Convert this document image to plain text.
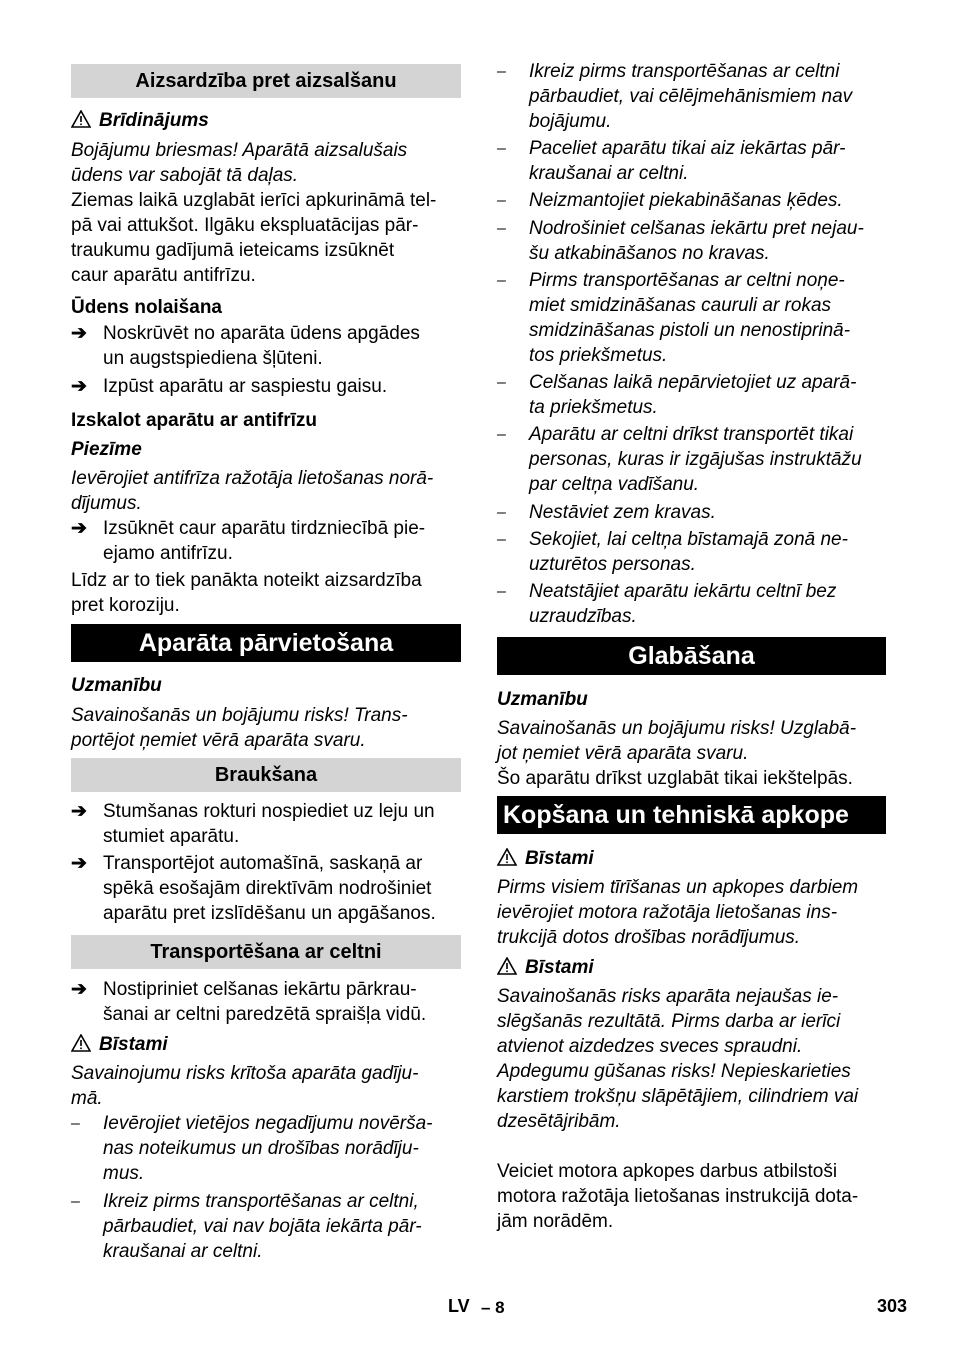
Aizsardzība pret aizsalšanu
Brīdinājums
Bojājumu briesmas! Aparātā aizsalušais
ūdens var sabojāt tā daļas.
Ziemas laikā uzglabāt ierīci apkurināmā tel-
pā vai attukšot. Ilgāku ekspluatācijas pār-
traukumu gadījumā ieteicams izsūknēt
caur aparātu antifrīzu.
Ūdens nolaišana
➔ Noskrūvēt no aparāta ūdens apgādes
un augstspiediena šļūteni.
➔ Izpūst aparātu ar saspiestu gaisu.
Izskalot aparātu ar antifrīzu
Piezīme
Ievērojiet antifrīza ražotāja lietošanas norā-
dījumus.
➔ Izsūknēt caur aparātu tirdzniecībā pie-
ejamo antifrīzu.
Līdz ar to tiek panākta noteikt aizsardzība
pret koroziju.
Aparāta pārvietošana
Uzmanību
Savainošanās un bojājumu risks! Trans-
portējot ņemiet vērā aparāta svaru.
Braukšana
➔ Stumšanas rokturi nospiediet uz leju un
stumiet aparātu.
➔ Transportējot automašīnā, saskaņā ar
spēkā esošajām direktīvām nodrošiniet
aparātu pret izslīdēšanu un apgāšanos.
Transportēšana ar celtni
➔ Nostipriniet celšanas iekārtu pārkrau-
šanai ar celtni paredzētā spraišļa vidū.
Bīstami
Savainojumu risks krītoša aparāta gadīju-
mā.
– Ievērojiet vietējos negadījumu novērša-
nas noteikumus un drošības norādīju-
mus.
– Ikreiz pirms transportēšanas ar celtni,
pārbaudiet, vai nav bojāta iekārta pār-
kraušanai ar celtni.
– Ikreiz pirms transportēšanas ar celtni
pārbaudiet, vai cēlējmehānismiem nav
bojājumu.
– Paceliet aparātu tikai aiz iekārtas pār-
kraušanai ar celtni.
– Neizmantojiet piekabināšanas ķēdes.
– Nodrošiniet celšanas iekārtu pret nejau-
šu atkabināšanos no kravas.
– Pirms transportēšanas ar celtni noņe-
miet smidzināšanas cauruli ar rokas
smidzināšanas pistoli un nenostiprinā-
tos priekšmetus.
– Celšanas laikā nepārvietojiet uz aparā-
ta priekšmetus.
– Aparātu ar celtni drīkst transportēt tikai
personas, kuras ir izgājušas instruktāžu
par celtņa vadīšanu.
– Nestāviet zem kravas.
– Sekojiet, lai celtņa bīstamajā zonā ne-
uzturētos personas.
– Neatstājiet aparātu iekārtu celtnī bez
uzraudzības.
Glabāšana
Uzmanību
Savainošanās un bojājumu risks! Uzglabā-
jot ņemiet vērā aparāta svaru.
Šo aparātu drīkst uzglabāt tikai iekštelpās.
Kopšana un tehniskā apkope
Bīstami
Pirms visiem tīrīšanas un apkopes darbiem
ievērojiet motora ražotāja lietošanas ins-
trukcijā dotos drošības norādījumus.
Bīstami
Savainošanās risks aparāta nejaušas ie-
slēgšanās rezultātā. Pirms darba ar ierīci
atvienot aizdedzes sveces spraudni.
Apdegumu gūšanas risks! Nepieskarieties
karstiem trokšņu slāpētājiem, cilindriem vai
dzesētājribām.
Veiciet motora apkopes darbus atbilstoši
motora ražotāja lietošanas instrukcijā dota-
jām norādēm.
LV – 8	303
